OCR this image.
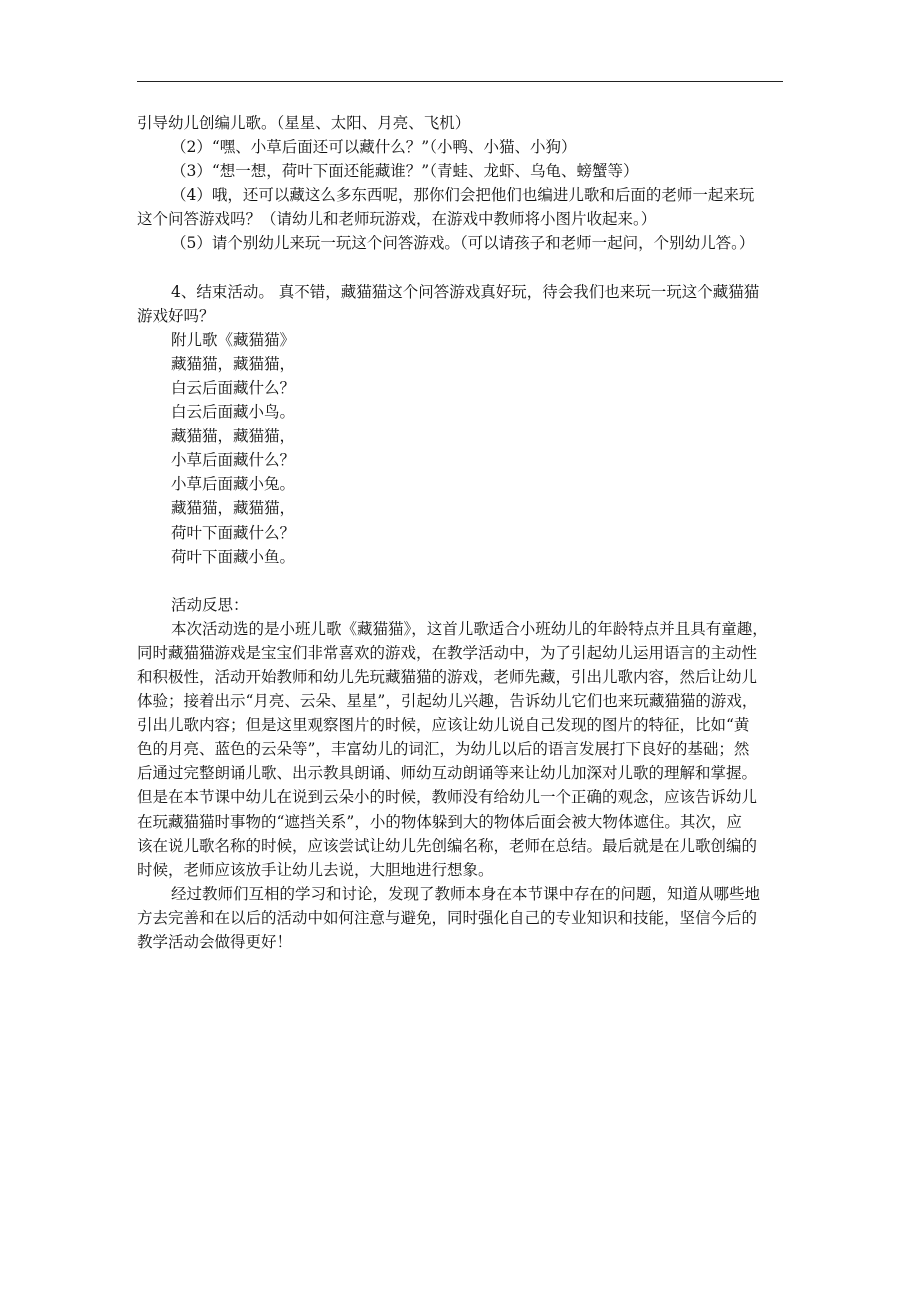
引导幼儿创编儿歌。（星星、太阳、月亮、飞机）

（2）“嘿、小草后面还可以藏什么？”（小鸭、小猫、小狗）

（3）“想一想，荷叶下面还能藏谁？”（青蛙、龙虾、乌龟、螃蟹等）

（4）哦，还可以藏这么多东西呢，那你们会把他们也编进儿歌和后面的老师一起来玩

这个问答游戏吗？（请幼儿和老师玩游戏，在游戏中教师将小图片收起来。）

（5）请个别幼儿来玩一玩这个问答游戏。（可以请孩子和老师一起问，个别幼儿答。）

4、结束活动。 真不错，藏猫猫这个问答游戏真好玩，待会我们也来玩一玩这个藏猫猫

游戏好吗？

附儿歌《藏猫猫》

藏猫猫，藏猫猫，

白云后面藏什么？

白云后面藏小鸟。

藏猫猫，藏猫猫，

小草后面藏什么？

小草后面藏小兔。

藏猫猫，藏猫猫，

荷叶下面藏什么？

荷叶下面藏小鱼。

活动反思：

本次活动选的是小班儿歌《藏猫猫》，这首儿歌适合小班幼儿的年龄特点并且具有童趣，

同时藏猫猫游戏是宝宝们非常喜欢的游戏，在教学活动中，为了引起幼儿运用语言的主动性

和积极性，活动开始教师和幼儿先玩藏猫猫的游戏，老师先藏，引出儿歌内容，然后让幼儿

体验；接着出示“月亮、云朵、星星”，引起幼儿兴趣，告诉幼儿它们也来玩藏猫猫的游戏，

引出儿歌内容；但是这里观察图片的时候，应该让幼儿说自己发现的图片的特征，比如“黄

色的月亮、蓝色的云朵等”，丰富幼儿的词汇，为幼儿以后的语言发展打下良好的基础；然

后通过完整朗诵儿歌、出示教具朗诵、师幼互动朗诵等来让幼儿加深对儿歌的理解和掌握。

但是在本节课中幼儿在说到云朵小的时候，教师没有给幼儿一个正确的观念，应该告诉幼儿

在玩藏猫猫时事物的“遮挡关系”，小的物体躲到大的物体后面会被大物体遮住。其次，应

该在说儿歌名称的时候，应该尝试让幼儿先创编名称，老师在总结。最后就是在儿歌创编的

时候，老师应该放手让幼儿去说，大胆地进行想象。

经过教师们互相的学习和讨论，发现了教师本身在本节课中存在的问题，知道从哪些地

方去完善和在以后的活动中如何注意与避免，同时强化自己的专业知识和技能，坚信今后的

教学活动会做得更好！
